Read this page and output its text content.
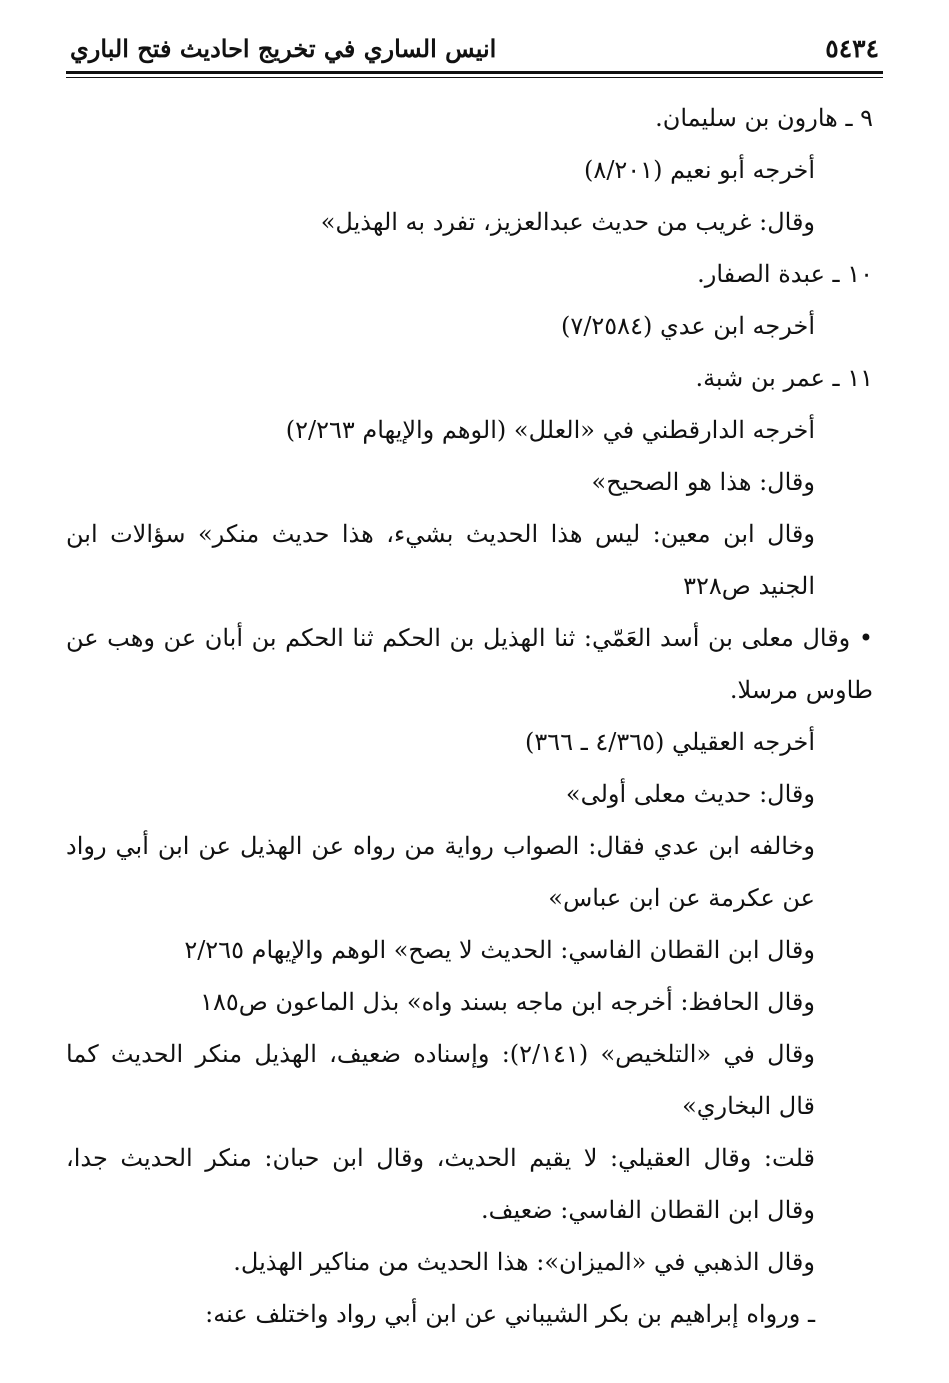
٥٤٣٤
انيس الساري في تخريج احاديث فتح الباري

٩ ـ هارون بن سليمان.

أخرجه أبو نعيم (٨/٢٠١)

وقال: غريب من حديث عبدالعزيز، تفرد به الهذيل»

١٠ ـ عبدة الصفار.

أخرجه ابن عدي (٧/٢٥٨٤)

١١ ـ عمر بن شبة.

أخرجه الدارقطني في «العلل» (الوهم والإيهام ٢/٢٦٣)

وقال: هذا هو الصحيح»

وقال ابن معين: ليس هذا الحديث بشيء، هذا حديث منكر» سؤالات ابن الجنيد ص٣٢٨

• وقال معلى بن أسد العَمّي: ثنا الهذيل بن الحكم ثنا الحكم بن أبان عن وهب عن طاوس مرسلا.

أخرجه العقيلي (٤/٣٦٥ ـ ٣٦٦)

وقال: حديث معلى أولى»

وخالفه ابن عدي فقال: الصواب رواية من رواه عن الهذيل عن ابن أبي رواد عن عكرمة عن ابن عباس»

وقال ابن القطان الفاسي: الحديث لا يصح» الوهم والإيهام ٢/٢٦٥

وقال الحافظ: أخرجه ابن ماجه بسند واه» بذل الماعون ص١٨٥

وقال في «التلخيص» (٢/١٤١): وإسناده ضعيف، الهذيل منكر الحديث كما قال البخاري»

قلت: وقال العقيلي: لا يقيم الحديث، وقال ابن حبان: منكر الحديث جدا، وقال ابن القطان الفاسي: ضعيف.

وقال الذهبي في «الميزان»: هذا الحديث من مناكير الهذيل.

ـ ورواه إبراهيم بن بكر الشيباني عن ابن أبي رواد واختلف عنه:
